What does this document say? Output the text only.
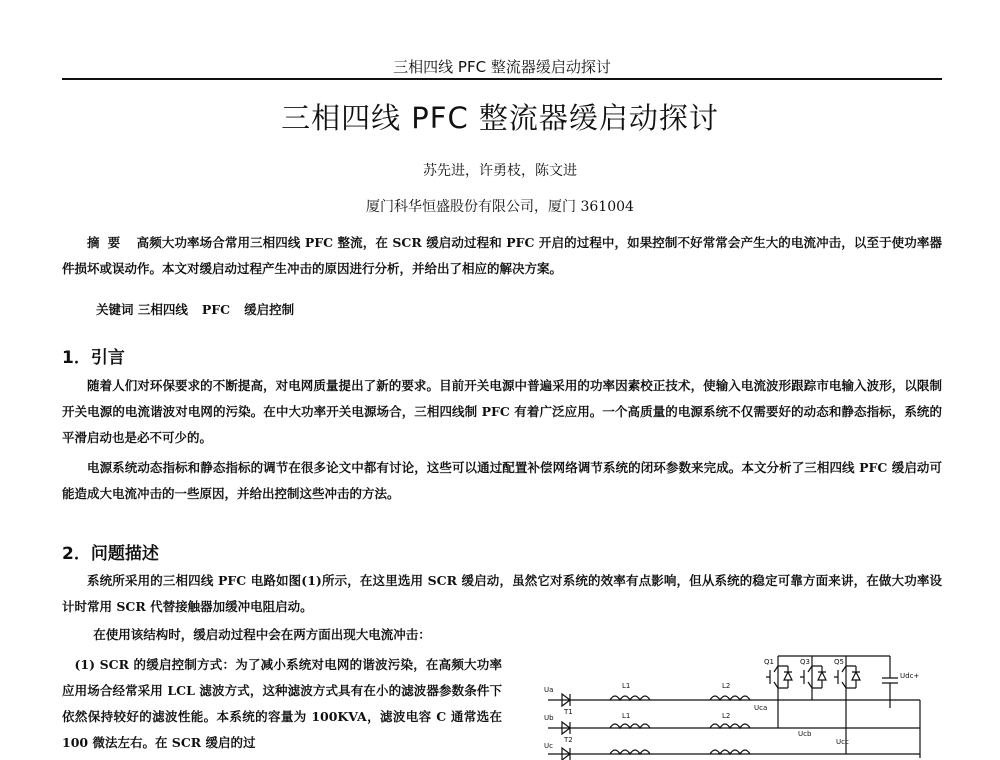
三相四线 PFC 整流器缓启动探讨
三相四线 PFC 整流器缓启动探讨
苏先进，许勇枝，陈文进
厦门科华恒盛股份有限公司，厦门 361004
摘要 高频大功率场合常用三相四线 PFC 整流，在 SCR 缓启动过程和 PFC 开启的过程中，如果控制不好常常会产生大的电流冲击，以至于使功率器件损坏或误动作。本文对缓启动过程产生冲击的原因进行分析，并给出了相应的解决方案。
关键词 三相四线 PFC 缓启控制
1．引言
随着人们对环保要求的不断提高，对电网质量提出了新的要求。目前开关电源中普遍采用的功率因素校正技术，使输入电流波形跟踪市电输入波形，以限制开关电源的电流谐波对电网的污染。在中大功率开关电源场合，三相四线制 PFC 有着广泛应用。一个高质量的电源系统不仅需要好的动态和静态指标，系统的平滑启动也是必不可少的。
电源系统动态指标和静态指标的调节在很多论文中都有讨论，这些可以通过配置补偿网络调节系统的闭环参数来完成。本文分析了三相四线 PFC 缓启动可能造成大电流冲击的一些原因，并给出控制这些冲击的方法。
2．问题描述
系统所采用的三相四线 PFC 电路如图(1)所示，在这里选用 SCR 缓启动，虽然它对系统的效率有点影响，但从系统的稳定可靠方面来讲，在做大功率设计时常用 SCR 代替接触器加缓冲电阻启动。
在使用该结构时，缓启动过程中会在两方面出现大电流冲击：
(1) SCR 的缓启控制方式：为了减小系统对电网的谐波污染，在高频大功率应用场合经常采用 LCL 滤波方式，这种滤波方式具有在小的滤波器参数条件下依然保持较好的滤波性能。本系统的容量为 100KVA，滤波电容 C 通常选在 100 微法左右。在 SCR 缓启的过
Ua
Ub
Uc
T1
T2
L1
L1
L2
L2
Uca
Ucb
Ucc
Q1	Q3	Q5
Udc+
